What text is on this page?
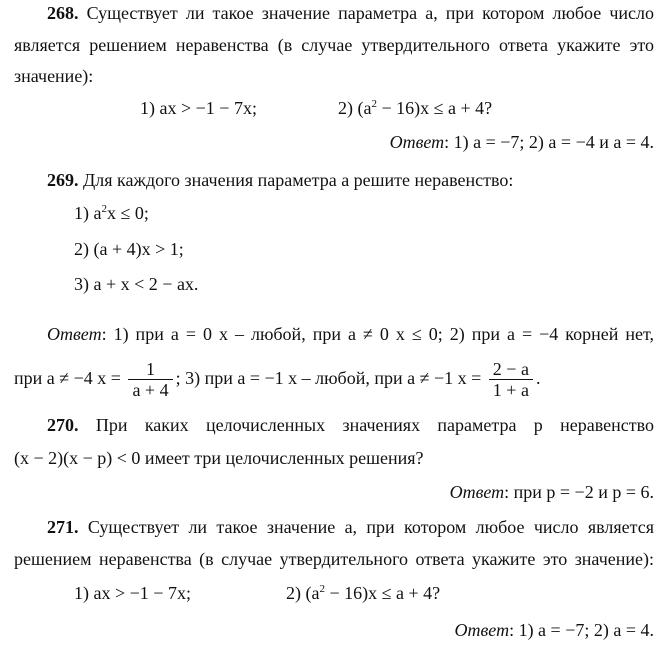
268. Существует ли такое значение параметра a, при котором любое число
является решением неравенства (в случае утвердительного ответа укажите это
значение):
1) ax > −1 − 7x;	2) $(a^2 - 16)x \le a + 4$?
Ответ: 1) a = −7; 2) a = −4 и a = 4.
269. Для каждого значения параметра a решите неравенство:
1) $a^2x \le 0$;
2) (a + 4)x > 1;
3) a + x < 2 − ax.
Ответ: 1) при a = 0 x – любой, при a ≠ 0 x ≤ 0; 2) при a = −4 корней нет,
при a ≠ −4 $x = \frac{1}{a + 4}$ ; 3) при a = −1 x – любой, при a ≠ −1 $x = \frac{2 - a}{1 + a}$ .
270. При каких целочисленных значениях параметра p неравенство
(x − 2)(x − p) < 0 имеет три целочисленных решения?
Ответ: при p = −2 и p = 6.
271. Существует ли такое значение a, при котором любое число является
решением неравенства (в случае утвердительного ответа укажите это значение):
1) ax > −1 − 7x;	2) $(a^2 - 16)x \le a + 4$?
Ответ: 1) a = −7; 2) a = 4.
